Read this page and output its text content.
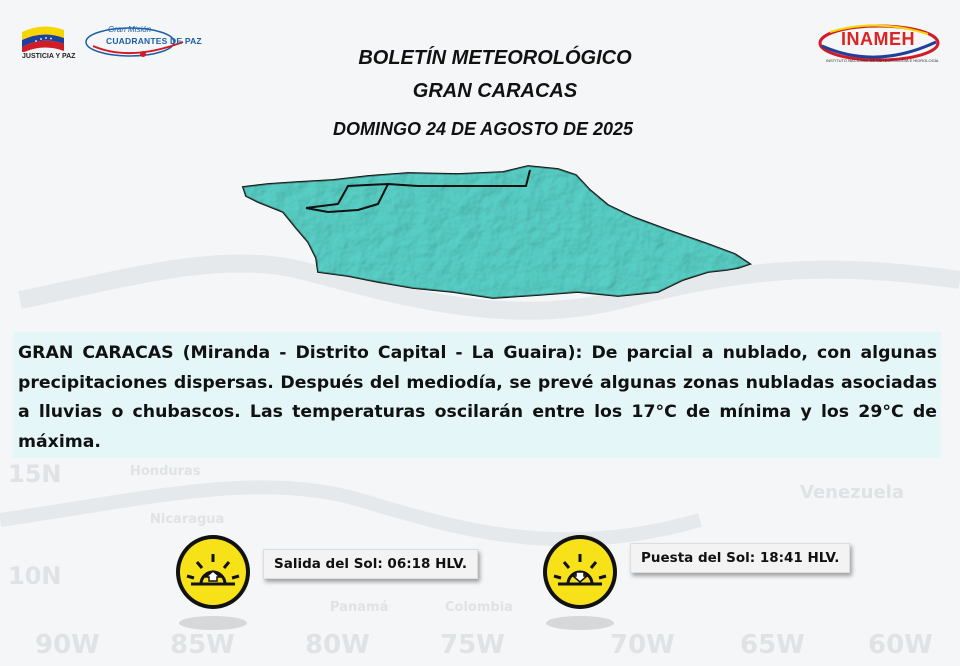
15N
10N
90W	85W	80W	75W	70W	65W 60W
Honduras
Nicaragua
Panamá	Colombia
Venezuela
JUSTICIA Y PAZ
Gran Misión
CUADRANTES DE PAZ	INAMEH
INSTITUTO NACIONAL DE METEOROLOGÍA E HIDROLOGÍA
BOLETÍN METEOROLÓGICO
GRAN CARACAS
DOMINGO 24 DE AGOSTO DE 2025

GRAN CARACAS (Miranda - Distrito Capital - La Guaira): De parcial a nublado, con algunas precipitaciones dispersas. Después del mediodía, se prevé algunas zonas nubladas asociadas a lluvias o chubascos. Las temperaturas oscilarán entre los 17°C de mínima y los 29°C de máxima.

Salida del Sol: 06:18 HLV.	Puesta del Sol: 18:41 HLV.
